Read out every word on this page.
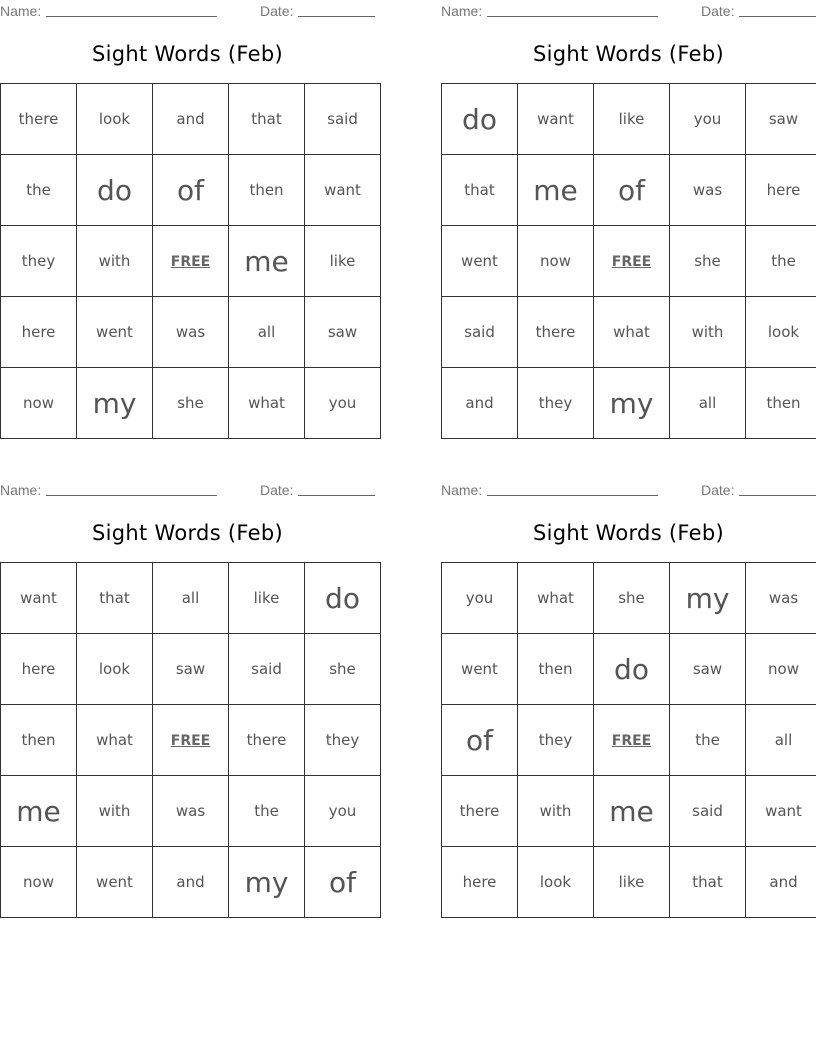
Name:	Date:
Sight Words (Feb)
there	look	and	that	said
the	do	of	then	want
they	with	FREE	me	like
here	went	was	all	saw
now	my	she	what	you
Name:	Date:
Sight Words (Feb)
do	want	like	you	saw
that	me	of	was	here
went	now	FREE	she	the
said	there	what	with	look
and	they	my	all	then
Name:	Date:
Sight Words (Feb)
want	that	all	like	do
here	look	saw	said	she
then	what	FREE	there	they
me	with	was	the	you
now	went	and	my	of
Name:	Date:
Sight Words (Feb)
you	what	she	my	was
went	then	do	saw	now
of	they	FREE	the	all
there	with	me	said	want
here	look	like	that	and
